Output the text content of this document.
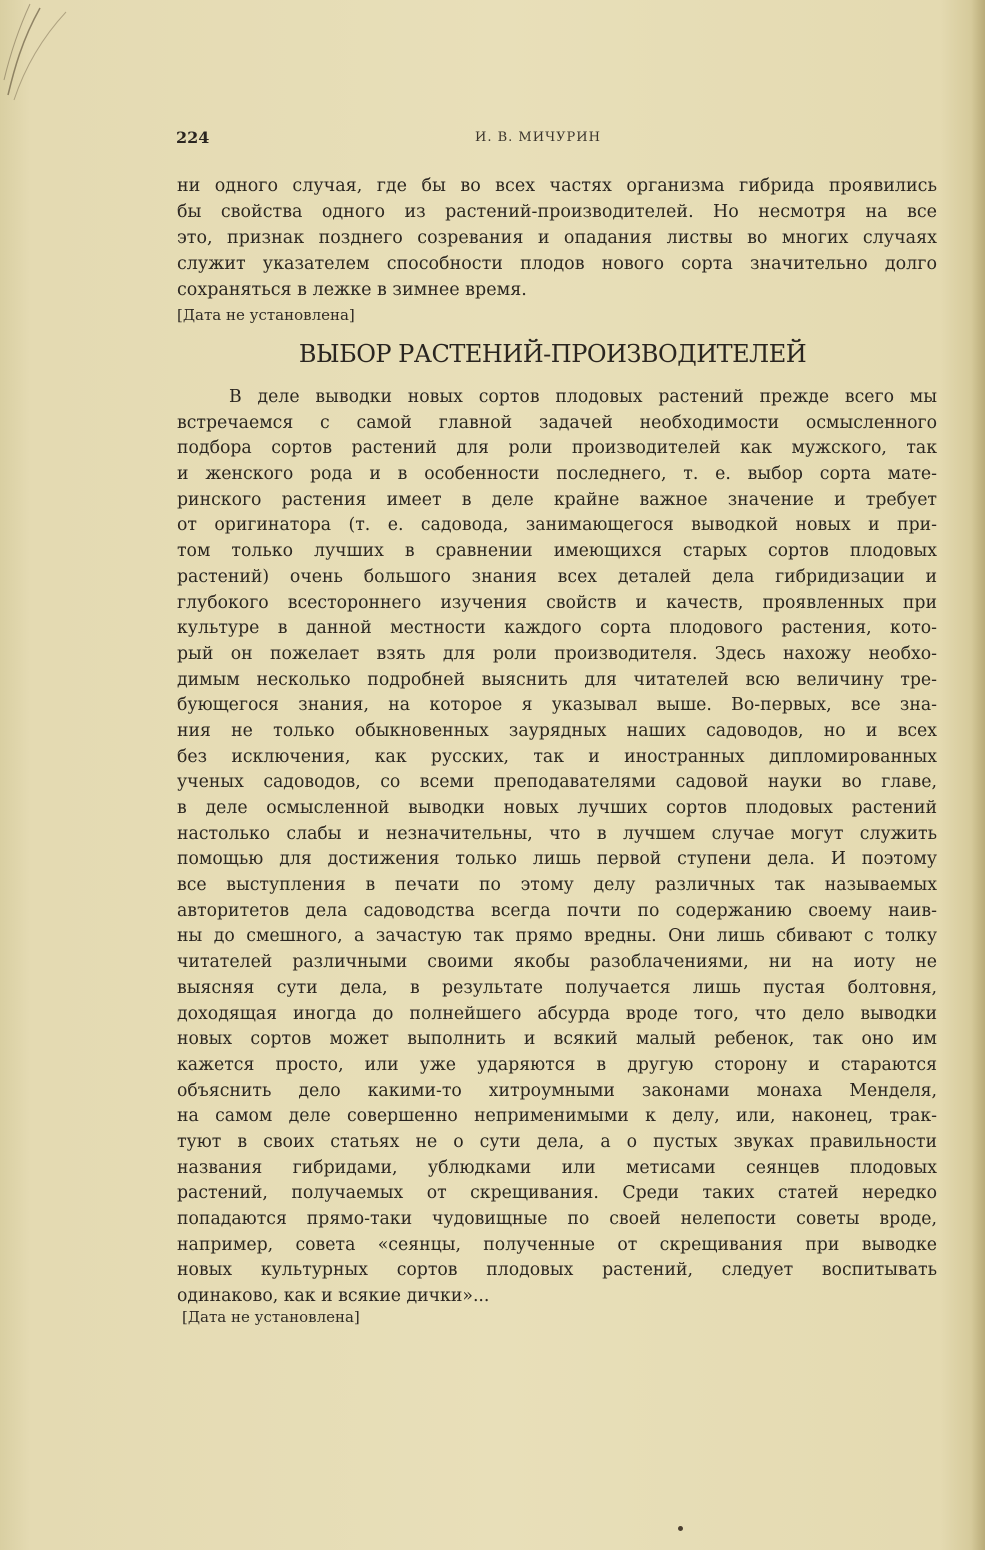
224	И. В. МИЧУРИН
ни одного случая, где бы во всех частях организма гибрида проявились
бы свойства одного из растений-производителей. Но несмотря на все
это, признак позднего созревания и опадания листвы во многих случаях
служит указателем способности плодов нового сорта значительно долго
сохраняться в лежке в зимнее время.
[Дата не установлена]
ВЫБОР РАСТЕНИЙ-ПРОИЗВОДИТЕЛЕЙ
В деле выводки новых сортов плодовых растений прежде всего мы
встречаемся с самой главной задачей необходимости осмысленного
подбора сортов растений для роли производителей как мужского, так
и женского рода и в особенности последнего, т. е. выбор сорта мате-
ринского растения имеет в деле крайне важное значение и требует
от оригинатора (т. е. садовода, занимающегося выводкой новых и при-
том только лучших в сравнении имеющихся старых сортов плодовых
растений) очень большого знания всех деталей дела гибридизации и
глубокого всестороннего изучения свойств и качеств, проявленных при
культуре в данной местности каждого сорта плодового растения, кото-
рый он пожелает взять для роли производителя. Здесь нахожу необхо-
димым несколько подробней выяснить для читателей всю величину тре-
бующегося знания, на которое я указывал выше. Во-первых, все зна-
ния не только обыкновенных заурядных наших садоводов, но и всех
без исключения, как русских, так и иностранных дипломированных
ученых садоводов, со всеми преподавателями садовой науки во главе,
в деле осмысленной выводки новых лучших сортов плодовых растений
настолько слабы и незначительны, что в лучшем случае могут служить
помощью для достижения только лишь первой ступени дела. И поэтому
все выступления в печати по этому делу различных так называемых
авторитетов дела садоводства всегда почти по содержанию своему наив-
ны до смешного, а зачастую так прямо вредны. Они лишь сбивают с толку
читателей различными своими якобы разоблачениями, ни на иоту не
выясняя сути дела, в результате получается лишь пустая болтовня,
доходящая иногда до полнейшего абсурда вроде того, что дело выводки
новых сортов может выполнить и всякий малый ребенок, так оно им
кажется просто, или уже ударяются в другую сторону и стараются
объяснить дело какими-то хитроумными законами монаха Менделя,
на самом деле совершенно неприменимыми к делу, или, наконец, трак-
туют в своих статьях не о сути дела, а о пустых звуках правильности
названия гибридами, ублюдками или метисами сеянцев плодовых
растений, получаемых от скрещивания. Среди таких статей нередко
попадаются прямо-таки чудовищные по своей нелепости советы вроде,
например, совета «сеянцы, полученные от скрещивания при выводке
новых культурных сортов плодовых растений, следует воспитывать
одинаково, как и всякие дички»...
[Дата не установлена]
